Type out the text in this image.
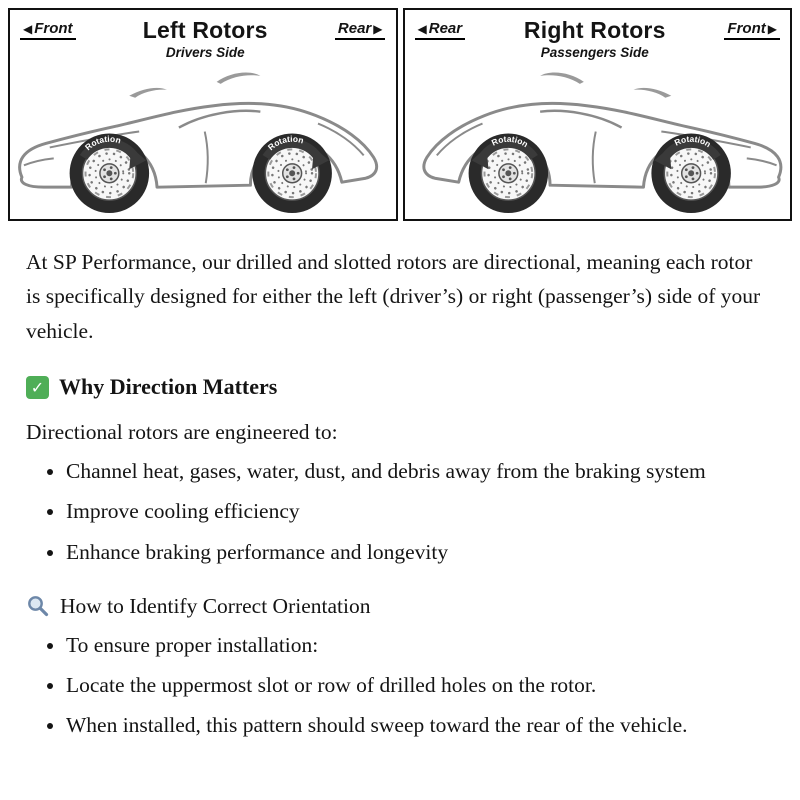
◀ Front	Left Rotors
Drivers Side
Rear ▶
Rotation
Rotation
◀ Rear	Right Rotors
Passengers Side
Front ▶
Rotation	Rotation

At SP Performance, our drilled and slotted rotors are directional, meaning each rotor is specifically designed for either the left (driver’s) or right (passenger’s) side of your vehicle.

✓
Why Direction Matters

Directional rotors are engineered to:

• Channel heat, gases, water, dust, and debris away from the braking system
• Improve cooling efficiency
• Enhance braking performance and longevity
How to Identify Correct Orientation
• To ensure proper installation:
• Locate the uppermost slot or row of drilled holes on the rotor.
• When installed, this pattern should sweep toward the rear of the vehicle.
